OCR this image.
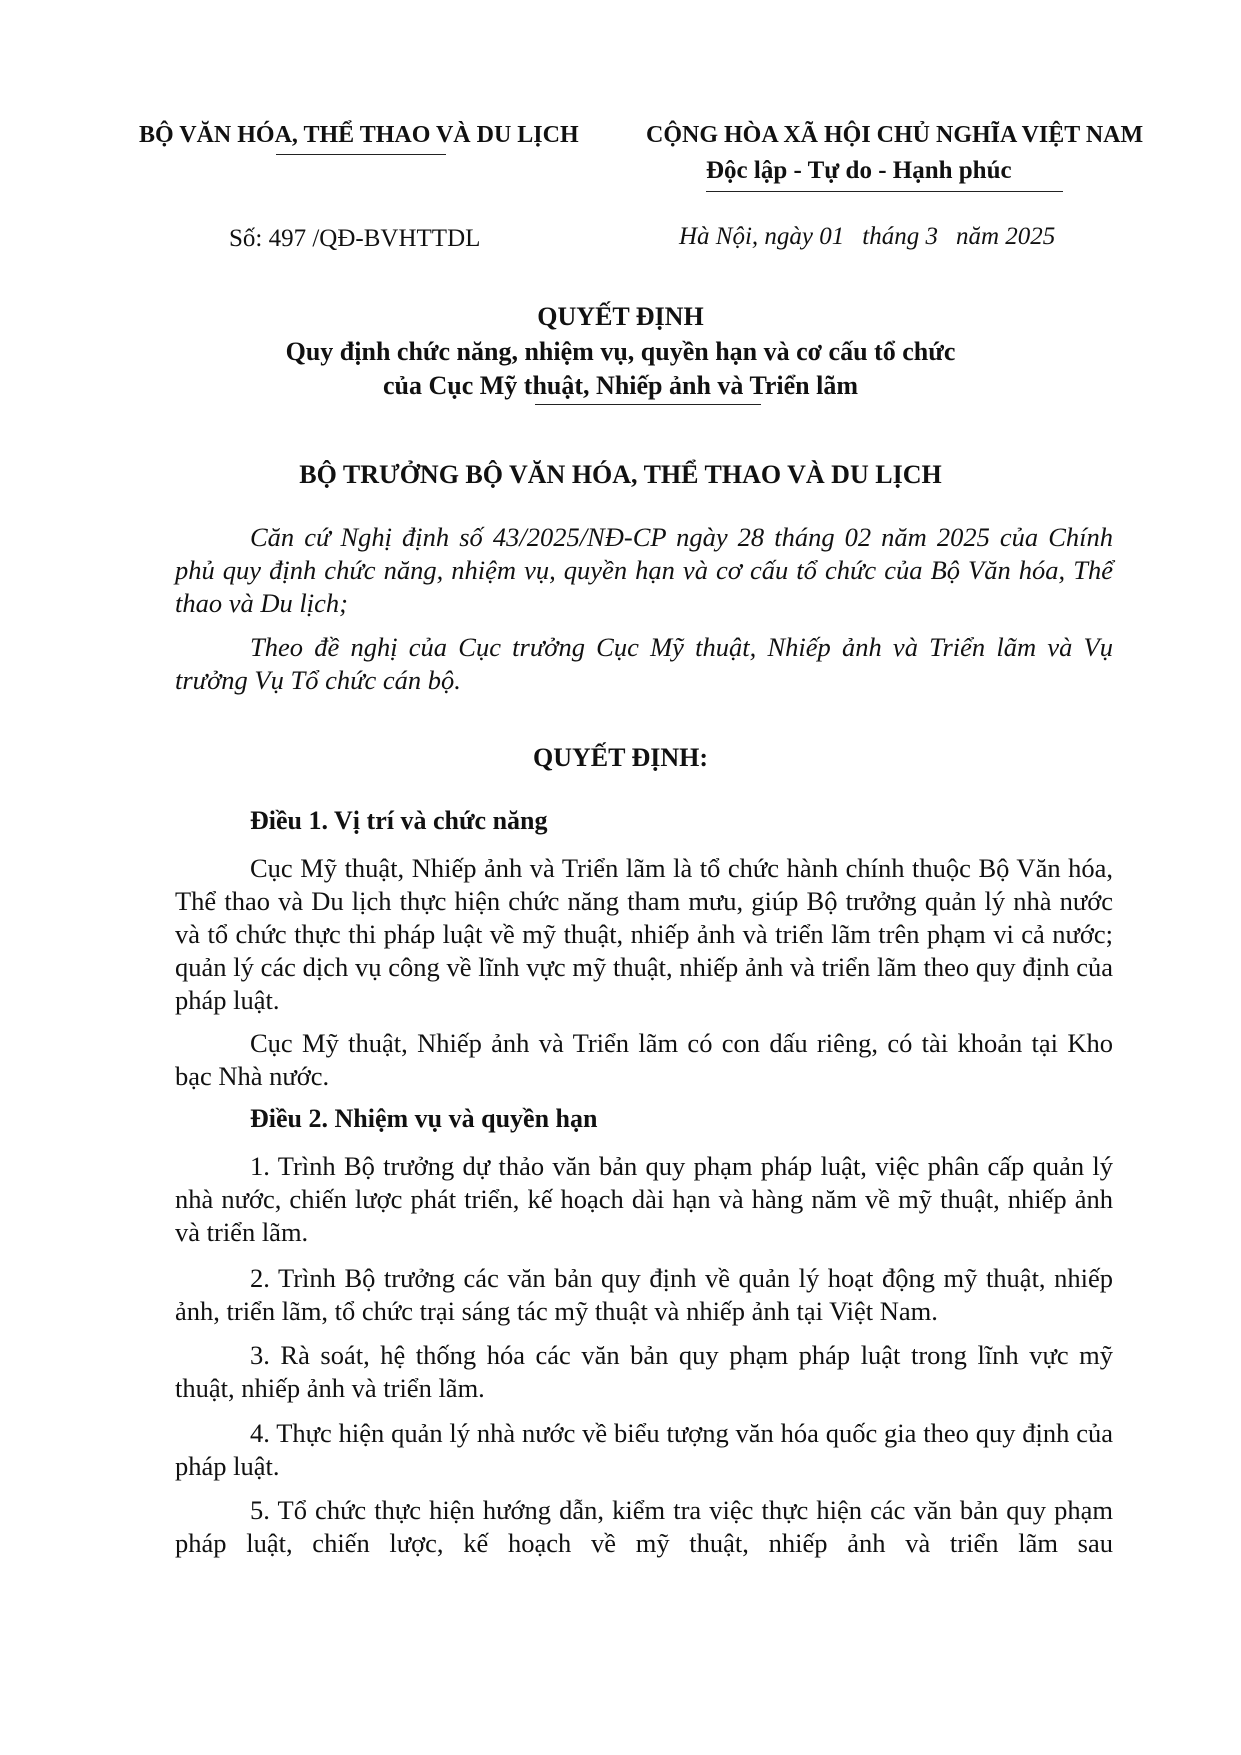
BỘ VĂN HÓA, THỂ THAO VÀ DU LỊCH	CỘNG HÒA XÃ HỘI CHỦ NGHĨA VIỆT NAM
Độc lập - Tự do - Hạnh phúc
Số: 497 /QĐ-BVHTTDL	Hà Nội, ngày 01 tháng 3 năm 2025
QUYẾT ĐỊNH
Quy định chức năng, nhiệm vụ, quyền hạn và cơ cấu tổ chức
của Cục Mỹ thuật, Nhiếp ảnh và Triển lãm
BỘ TRƯỞNG BỘ VĂN HÓA, THỂ THAO VÀ DU LỊCH

Căn cứ Nghị định số 43/2025/NĐ-CP ngày 28 tháng 02 năm 2025 của Chính phủ quy định chức năng, nhiệm vụ, quyền hạn và cơ cấu tổ chức của Bộ Văn hóa, Thể thao và Du lịch;

Theo đề nghị của Cục trưởng Cục Mỹ thuật, Nhiếp ảnh và Triển lãm và Vụ trưởng Vụ Tổ chức cán bộ.

QUYẾT ĐỊNH:
Điều 1. Vị trí và chức năng

Cục Mỹ thuật, Nhiếp ảnh và Triển lãm là tổ chức hành chính thuộc Bộ Văn hóa, Thể thao và Du lịch thực hiện chức năng tham mưu, giúp Bộ trưởng quản lý nhà nước và tổ chức thực thi pháp luật về mỹ thuật, nhiếp ảnh và triển lãm trên phạm vi cả nước; quản lý các dịch vụ công về lĩnh vực mỹ thuật, nhiếp ảnh và triển lãm theo quy định của pháp luật.

Cục Mỹ thuật, Nhiếp ảnh và Triển lãm có con dấu riêng, có tài khoản tại Kho bạc Nhà nước.

Điều 2. Nhiệm vụ và quyền hạn

1. Trình Bộ trưởng dự thảo văn bản quy phạm pháp luật, việc phân cấp quản lý nhà nước, chiến lược phát triển, kế hoạch dài hạn và hàng năm về mỹ thuật, nhiếp ảnh và triển lãm.

2. Trình Bộ trưởng các văn bản quy định về quản lý hoạt động mỹ thuật, nhiếp ảnh, triển lãm, tổ chức trại sáng tác mỹ thuật và nhiếp ảnh tại Việt Nam.

3. Rà soát, hệ thống hóa các văn bản quy phạm pháp luật trong lĩnh vực mỹ thuật, nhiếp ảnh và triển lãm.

4. Thực hiện quản lý nhà nước về biểu tượng văn hóa quốc gia theo quy định của pháp luật.

5. Tổ chức thực hiện hướng dẫn, kiểm tra việc thực hiện các văn bản quy phạm pháp luật, chiến lược, kế hoạch về mỹ thuật, nhiếp ảnh và triển lãm sau
